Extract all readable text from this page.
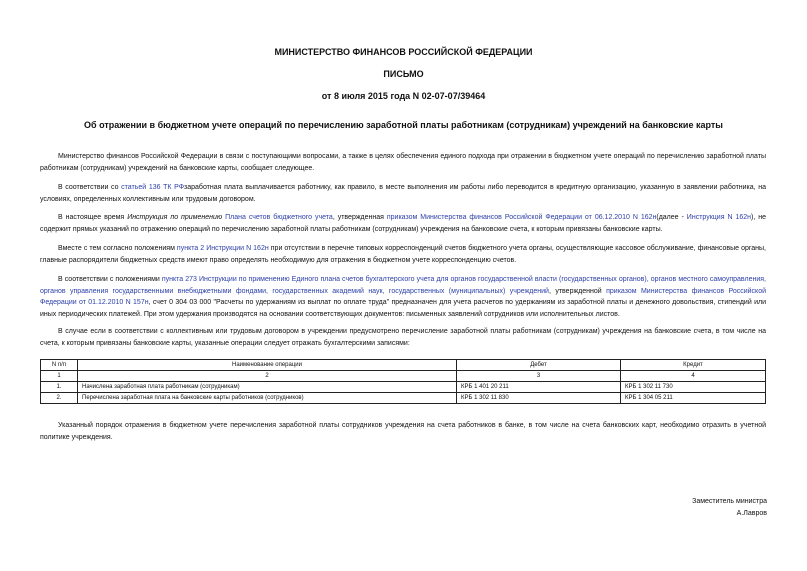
МИНИСТЕРСТВО ФИНАНСОВ РОССИЙСКОЙ ФЕДЕРАЦИИ
ПИСЬМО
от 8 июля 2015 года N 02-07-07/39464
Об отражении в бюджетном учете операций по перечислению заработной платы работникам (сотрудникам) учреждений на банковские карты

Министерство финансов Российской Федерации в связи с поступающими вопросами, а также в целях обеспечения единого подхода при отражении в бюджетном учете операций по перечислению заработной платы работникам (сотрудникам) учреждений на банковские карты, сообщает следующее.

В соответствии со статьей 136 ТК РФзаработная плата выплачивается работнику, как правило, в месте выполнения им работы либо переводится в кредитную организацию, указанную в заявлении работника, на условиях, определенных коллективным или трудовым договором.

В настоящее время Инструкция по применению Плана счетов бюджетного учета, утвержденная приказом Министерства финансов Российской Федерации от 06.12.2010 N 162н(далее - Инструкция N 162н), не содержит прямых указаний по отражению операций по перечислению заработной платы работникам (сотрудникам) учреждения на банковские счета, к которым привязаны банковские карты.

Вместе с тем согласно положениям пункта 2 Инструкции N 162н при отсутствии в перечне типовых корреспонденций счетов бюджетного учета органы, осуществляющие кассовое обслуживание, финансовые органы, главные распорядители бюджетных средств имеют право определять необходимую для отражения в бюджетном учете корреспонденцию счетов.

В соответствии с положениями пункта 273 Инструкции по применению Единого плана счетов бухгалтерского учета для органов государственной власти (государственных органов), органов местного самоуправления, органов управления государственными внебюджетными фондами, государственных академий наук, государственных (муниципальных) учреждений, утвержденной приказом Министерства финансов Российской Федерации от 01.12.2010 N 157н, счет 0 304 03 000 "Расчеты по удержаниям из выплат по оплате труда" предназначен для учета расчетов по удержаниям из заработной платы и денежного довольствия, стипендий или иных периодических платежей. При этом удержания производятся на основании соответствующих документов: письменных заявлений сотрудников или исполнительных листов.

В случае если в соответствии с коллективным или трудовым договором в учреждении предусмотрено перечисление заработной платы работникам (сотрудникам) учреждения на банковские счета, в том числе на счета, к которым привязаны банковские карты, указанные операции следует отражать бухгалтерскими записями:

N п/п	Наименование операции	Дебет	Кредит
1	2	3	4
1.	Начислена заработная плата работникам (сотрудникам)	КРБ 1 401 20 211	КРБ 1 302 11 730
2.	Перечислена заработная плата на банковские карты работников (сотрудников)	КРБ 1 302 11 830	КРБ 1 304 05 211

Указанный порядок отражения в бюджетном учете перечисления заработной платы сотрудников учреждения на счета работников в банке, в том числе на счета банковских карт, необходимо отразить в учетной политике учреждения.

Заместитель министра
А.Лавров
